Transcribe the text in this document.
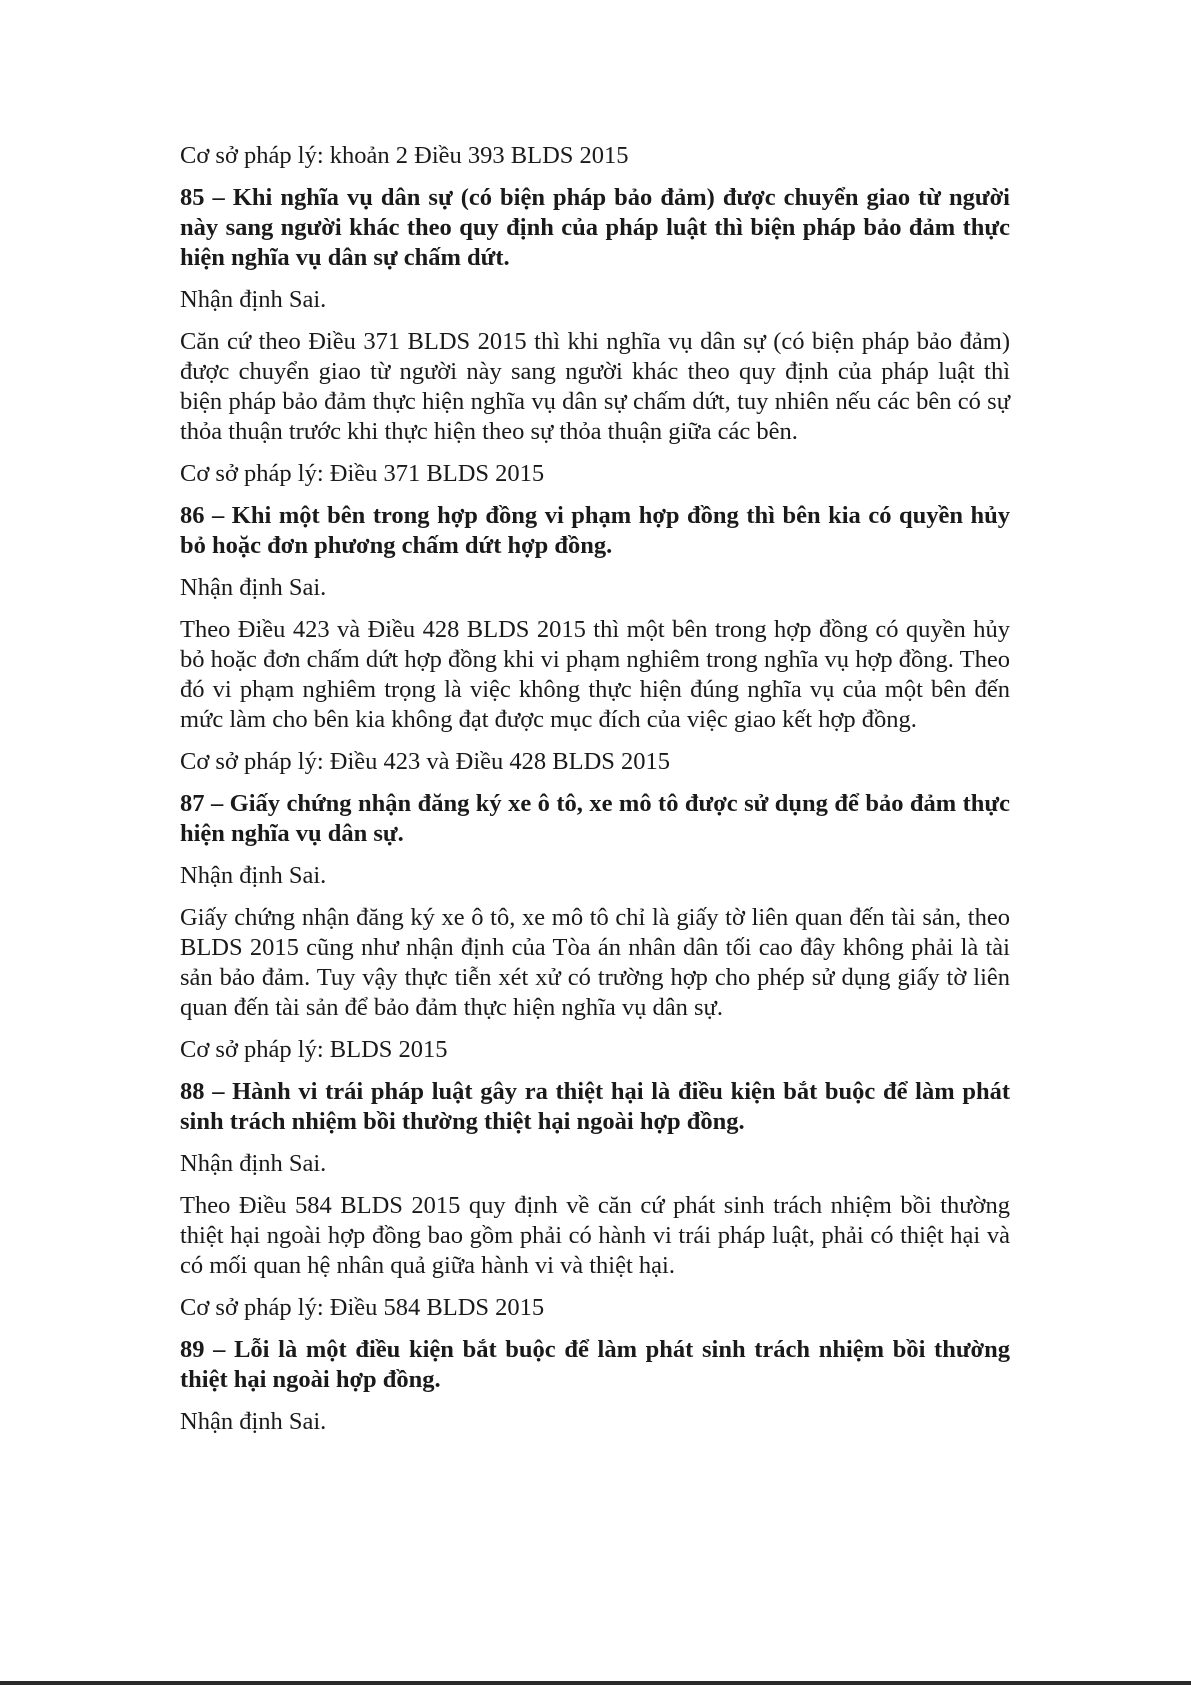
Cơ sở pháp lý: khoản 2 Điều 393 BLDS 2015

85 – Khi nghĩa vụ dân sự (có biện pháp bảo đảm) được chuyển giao từ người này sang người khác theo quy định của pháp luật thì biện pháp bảo đảm thực hiện nghĩa vụ dân sự chấm dứt.

Nhận định Sai.

Căn cứ theo Điều 371 BLDS 2015 thì khi nghĩa vụ dân sự (có biện pháp bảo đảm) được chuyển giao từ người này sang người khác theo quy định của pháp luật thì biện pháp bảo đảm thực hiện nghĩa vụ dân sự chấm dứt, tuy nhiên nếu các bên có sự thỏa thuận trước khi thực hiện theo sự thỏa thuận giữa các bên.

Cơ sở pháp lý: Điều 371 BLDS 2015

86 – Khi một bên trong hợp đồng vi phạm hợp đồng thì bên kia có quyền hủy bỏ hoặc đơn phương chấm dứt hợp đồng.

Nhận định Sai.

Theo Điều 423 và Điều 428 BLDS 2015 thì một bên trong hợp đồng có quyền hủy bỏ hoặc đơn chấm dứt hợp đồng khi vi phạm nghiêm trong nghĩa vụ hợp đồng. Theo đó vi phạm nghiêm trọng là việc không thực hiện đúng nghĩa vụ của một bên đến mức làm cho bên kia không đạt được mục đích của việc giao kết hợp đồng.

Cơ sở pháp lý: Điều 423 và Điều 428 BLDS 2015

87 – Giấy chứng nhận đăng ký xe ô tô, xe mô tô được sử dụng để bảo đảm thực hiện nghĩa vụ dân sự.

Nhận định Sai.

Giấy chứng nhận đăng ký xe ô tô, xe mô tô chỉ là giấy tờ liên quan đến tài sản, theo BLDS 2015 cũng như nhận định của Tòa án nhân dân tối cao đây không phải là tài sản bảo đảm. Tuy vậy thực tiễn xét xử có trường hợp cho phép sử dụng giấy tờ liên quan đến tài sản để bảo đảm thực hiện nghĩa vụ dân sự.

Cơ sở pháp lý: BLDS 2015

88 – Hành vi trái pháp luật gây ra thiệt hại là điều kiện bắt buộc để làm phát sinh trách nhiệm bồi thường thiệt hại ngoài hợp đồng.

Nhận định Sai.

Theo Điều 584 BLDS 2015 quy định về căn cứ phát sinh trách nhiệm bồi thường thiệt hại ngoài hợp đồng bao gồm phải có hành vi trái pháp luật, phải có thiệt hại và có mối quan hệ nhân quả giữa hành vi và thiệt hại.

Cơ sở pháp lý: Điều 584 BLDS 2015

89 – Lỗi là một điều kiện bắt buộc để làm phát sinh trách nhiệm bồi thường thiệt hại ngoài hợp đồng.

Nhận định Sai.
